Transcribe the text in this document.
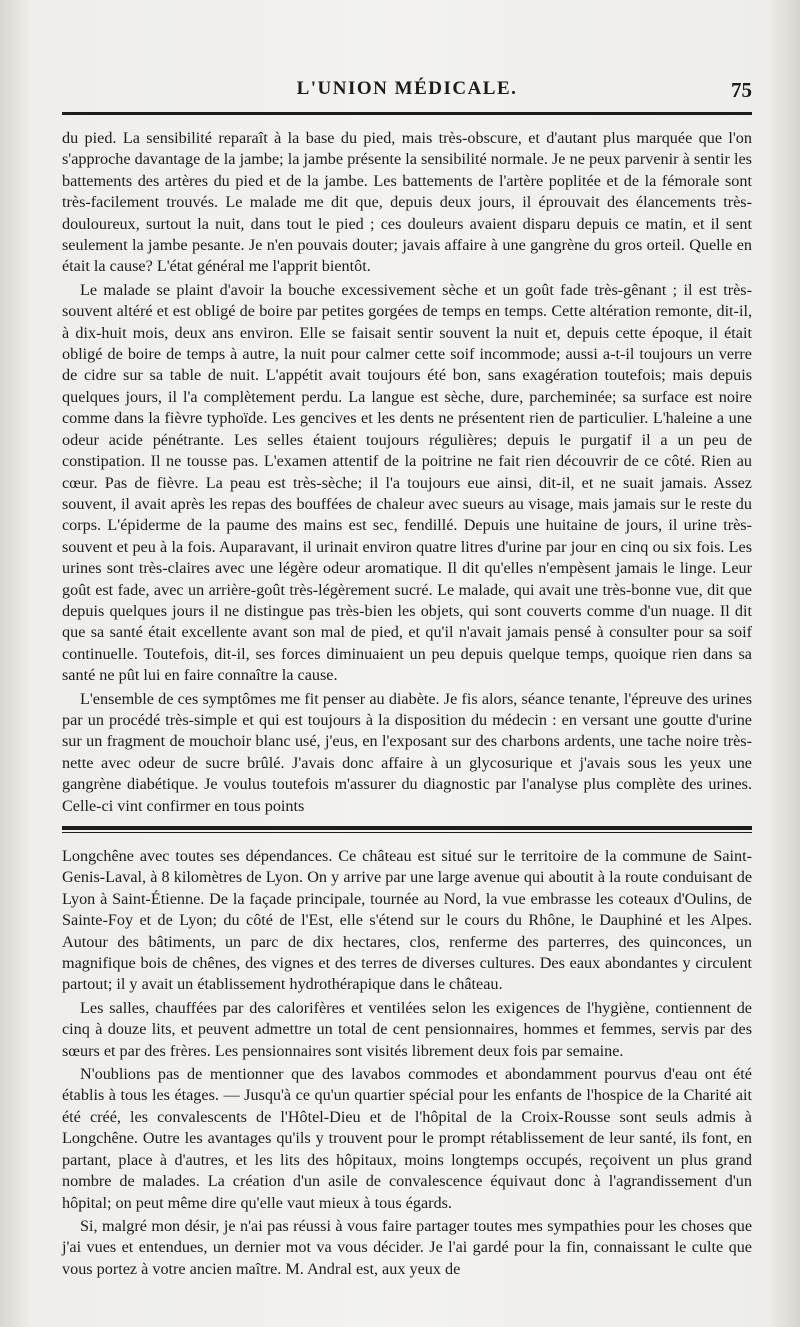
L'UNION MÉDICALE.	75

du pied. La sensibilité reparaît à la base du pied, mais très-obscure, et d'autant plus marquée que l'on s'approche davantage de la jambe; la jambe présente la sensibilité normale. Je ne peux parvenir à sentir les battements des artères du pied et de la jambe. Les battements de l'artère poplitée et de la fémorale sont très-facilement trouvés. Le malade me dit que, depuis deux jours, il éprouvait des élancements très-douloureux, surtout la nuit, dans tout le pied ; ces douleurs avaient disparu depuis ce matin, et il sent seulement la jambe pesante. Je n'en pouvais douter; javais affaire à une gangrène du gros orteil. Quelle en était la cause? L'état général me l'apprit bientôt.

Le malade se plaint d'avoir la bouche excessivement sèche et un goût fade très-gênant ; il est très-souvent altéré et est obligé de boire par petites gorgées de temps en temps. Cette altération remonte, dit-il, à dix-huit mois, deux ans environ. Elle se faisait sentir souvent la nuit et, depuis cette époque, il était obligé de boire de temps à autre, la nuit pour calmer cette soif incommode; aussi a-t-il toujours un verre de cidre sur sa table de nuit. L'appétit avait toujours été bon, sans exagération toutefois; mais depuis quelques jours, il l'a complètement perdu. La langue est sèche, dure, parcheminée; sa surface est noire comme dans la fièvre typhoïde. Les gencives et les dents ne présentent rien de particulier. L'haleine a une odeur acide pénétrante. Les selles étaient toujours régulières; depuis le purgatif il a un peu de constipation. Il ne tousse pas. L'examen attentif de la poitrine ne fait rien découvrir de ce côté. Rien au cœur. Pas de fièvre. La peau est très-sèche; il l'a toujours eue ainsi, dit-il, et ne suait jamais. Assez souvent, il avait après les repas des bouffées de chaleur avec sueurs au visage, mais jamais sur le reste du corps. L'épiderme de la paume des mains est sec, fendillé. Depuis une huitaine de jours, il urine très-souvent et peu à la fois. Auparavant, il urinait environ quatre litres d'urine par jour en cinq ou six fois. Les urines sont très-claires avec une légère odeur aromatique. Il dit qu'elles n'empèsent jamais le linge. Leur goût est fade, avec un arrière-goût très-légèrement sucré. Le malade, qui avait une très-bonne vue, dit que depuis quelques jours il ne distingue pas très-bien les objets, qui sont couverts comme d'un nuage. Il dit que sa santé était excellente avant son mal de pied, et qu'il n'avait jamais pensé à consulter pour sa soif continuelle. Toutefois, dit-il, ses forces diminuaient un peu depuis quelque temps, quoique rien dans sa santé ne pût lui en faire connaître la cause.

L'ensemble de ces symptômes me fit penser au diabète. Je fis alors, séance tenante, l'épreuve des urines par un procédé très-simple et qui est toujours à la disposition du médecin : en versant une goutte d'urine sur un fragment de mouchoir blanc usé, j'eus, en l'exposant sur des charbons ardents, une tache noire très-nette avec odeur de sucre brûlé. J'avais donc affaire à un glycosurique et j'avais sous les yeux une gangrène diabétique. Je voulus toutefois m'assurer du diagnostic par l'analyse plus complète des urines. Celle-ci vint confirmer en tous points

Longchêne avec toutes ses dépendances. Ce château est situé sur le territoire de la commune de Saint-Genis-Laval, à 8 kilomètres de Lyon. On y arrive par une large avenue qui aboutit à la route conduisant de Lyon à Saint-Étienne. De la façade principale, tournée au Nord, la vue embrasse les coteaux d'Oulins, de Sainte-Foy et de Lyon; du côté de l'Est, elle s'étend sur le cours du Rhône, le Dauphiné et les Alpes. Autour des bâtiments, un parc de dix hectares, clos, renferme des parterres, des quinconces, un magnifique bois de chênes, des vignes et des terres de diverses cultures. Des eaux abondantes y circulent partout; il y avait un établissement hydrothérapique dans le château.

Les salles, chauffées par des calorifères et ventilées selon les exigences de l'hygiène, contiennent de cinq à douze lits, et peuvent admettre un total de cent pensionnaires, hommes et femmes, servis par des sœurs et par des frères. Les pensionnaires sont visités librement deux fois par semaine.

N'oublions pas de mentionner que des lavabos commodes et abondamment pourvus d'eau ont été établis à tous les étages. — Jusqu'à ce qu'un quartier spécial pour les enfants de l'hospice de la Charité ait été créé, les convalescents de l'Hôtel-Dieu et de l'hôpital de la Croix-Rousse sont seuls admis à Longchêne. Outre les avantages qu'ils y trouvent pour le prompt rétablissement de leur santé, ils font, en partant, place à d'autres, et les lits des hôpitaux, moins longtemps occupés, reçoivent un plus grand nombre de malades. La création d'un asile de convalescence équivaut donc à l'agrandissement d'un hôpital; on peut même dire qu'elle vaut mieux à tous égards.

Si, malgré mon désir, je n'ai pas réussi à vous faire partager toutes mes sympathies pour les choses que j'ai vues et entendues, un dernier mot va vous décider. Je l'ai gardé pour la fin, connaissant le culte que vous portez à votre ancien maître. M. Andral est, aux yeux de
